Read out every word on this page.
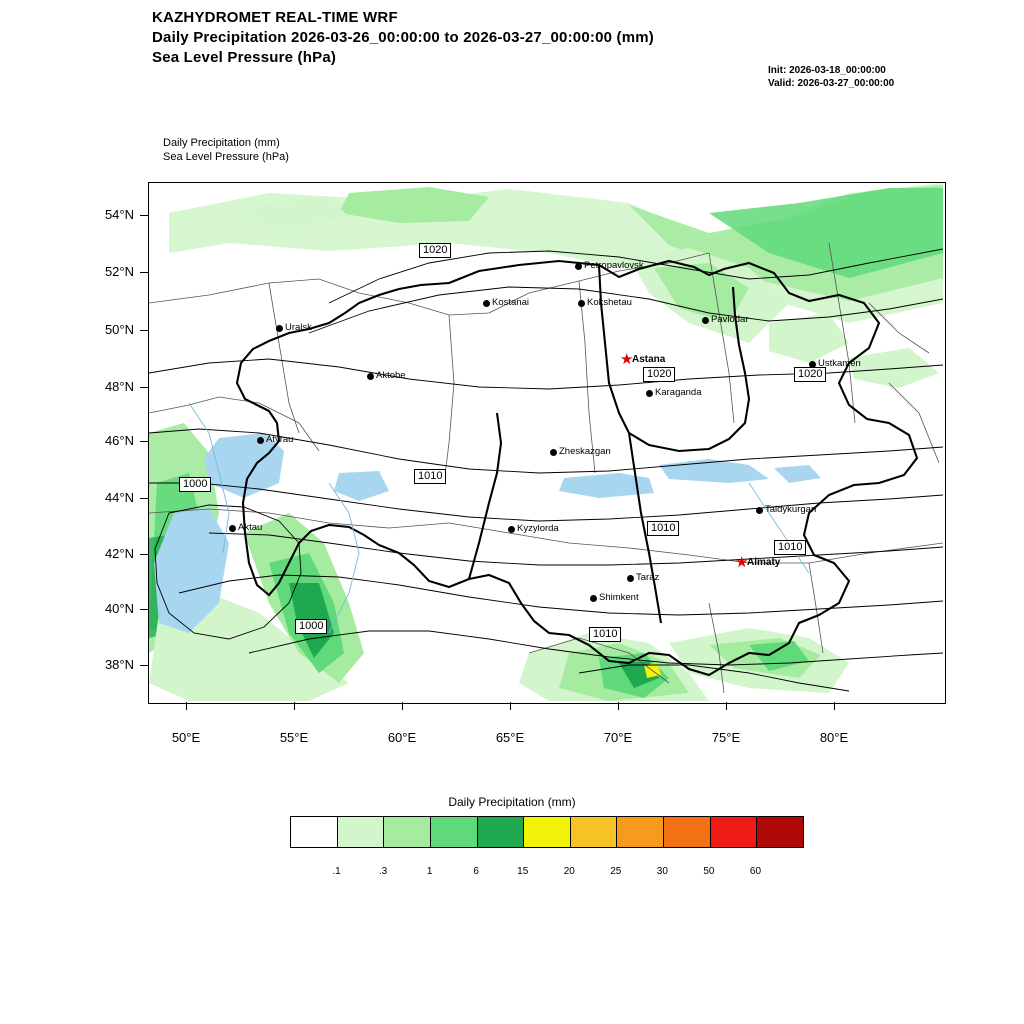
KAZHYDROMET REAL-TIME WRF
Daily Precipitation 2026-03-26_00:00:00 to 2026-03-27_00:00:00 (mm)
Sea Level Pressure (hPa)
Init: 2026-03-18_00:00:00
Valid: 2026-03-27_00:00:00
Daily Precipitation (mm)
Sea Level Pressure (hPa)
1020
1020	1020
1010
1010
1010
1010
1000
1000
Petropavlovsk
Kostanai	Kokshetau
Pavlodar
Uralsk
★
Astana	Ustkamen
Aktobe
Karaganda
Atyrau
Zheskazgan
Taldykurgan
Aktau	Kyzylorda
★
Almaty
Taraz
Shimkent
54°N
52°N
50°N
48°N
46°N
44°N
42°N
40°N
38°N
50°E	55°E	60°E	65°E	70°E	75°E	80°E
Daily Precipitation (mm)
.1	.3	1	6	15	20	25	30	50	60
